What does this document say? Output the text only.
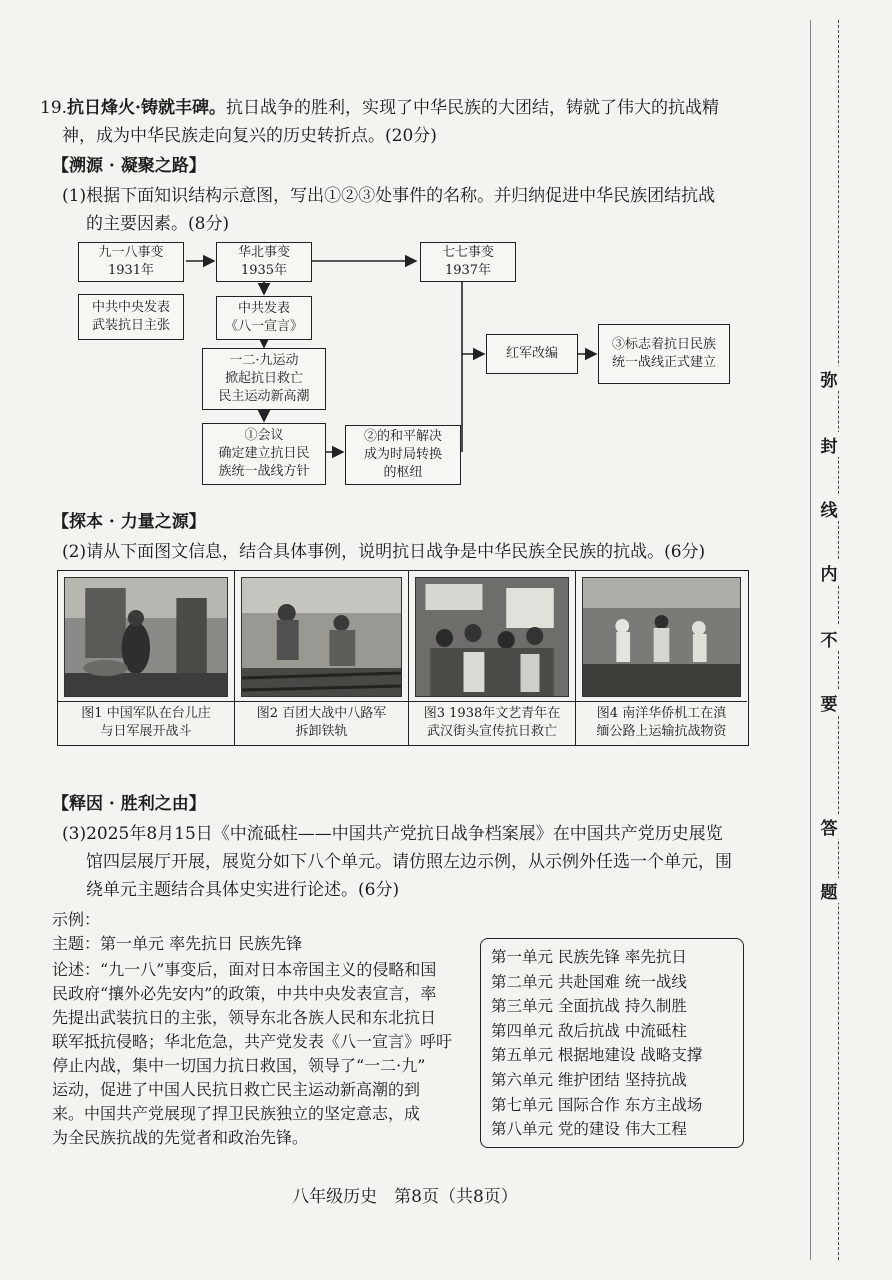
19.抗日烽火·铸就丰碑。抗日战争的胜利，实现了中华民族的大团结，铸就了伟大的抗战精
神，成为中华民族走向复兴的历史转折点。(20分)
【溯源 · 凝聚之路】
(1)根据下面知识结构示意图，写出①②③处事件的名称。并归纳促进中华民族团结抗战
的主要因素。(8分)
九一八事变
1931年
华北事变
1935年
七七事变
1937年
中共中央发表
武装抗日主张
中共发表
《八一宣言》
一二·九运动
掀起抗日救亡
民主运动新高潮
①会议
确定建立抗日民
族统一战线方针
②的和平解决
成为时局转换
的枢纽
红军改编
③标志着抗日民族
统一战线正式建立
【探本 · 力量之源】
(2)请从下面图文信息，结合具体事例，说明抗日战争是中华民族全民族的抗战。(6分)
图1 中国军队在台儿庄
与日军展开战斗
图2 百团大战中八路军
拆卸铁轨
图3 1938年文艺青年在
武汉街头宣传抗日救亡
图4 南洋华侨机工在滇
缅公路上运输抗战物资
【释因 · 胜利之由】
(3)2025年8月15日《中流砥柱——中国共产党抗日战争档案展》在中国共产党历史展览
馆四层展厅开展，展览分如下八个单元。请仿照左边示例，从示例外任选一个单元，围
绕单元主题结合具体史实进行论述。(6分)
示例：
主题：第一单元 率先抗日 民族先锋
论述：“九一八”事变后，面对日本帝国主义的侵略和国
民政府“攘外必先安内”的政策，中共中央发表宣言，率
先提出武装抗日的主张，领导东北各族人民和东北抗日
联军抵抗侵略；华北危急，共产党发表《八一宣言》呼吁
停止内战，集中一切国力抗日救国，领导了“一二·九”
运动，促进了中国人民抗日救亡民主运动新高潮的到
来。中国共产党展现了捍卫民族独立的坚定意志，成
为全民族抗战的先觉者和政治先锋。
第一单元 民族先锋 率先抗日
第二单元 共赴国难 统一战线
第三单元 全面抗战 持久制胜
第四单元 敌后抗战 中流砥柱
第五单元 根据地建设 战略支撑
第六单元 维护团结 坚持抗战
第七单元 国际合作 东方主战场
第八单元 党的建设 伟大工程
八年级历史　第8页（共8页）
弥
封
线
内
不
要
答
题
